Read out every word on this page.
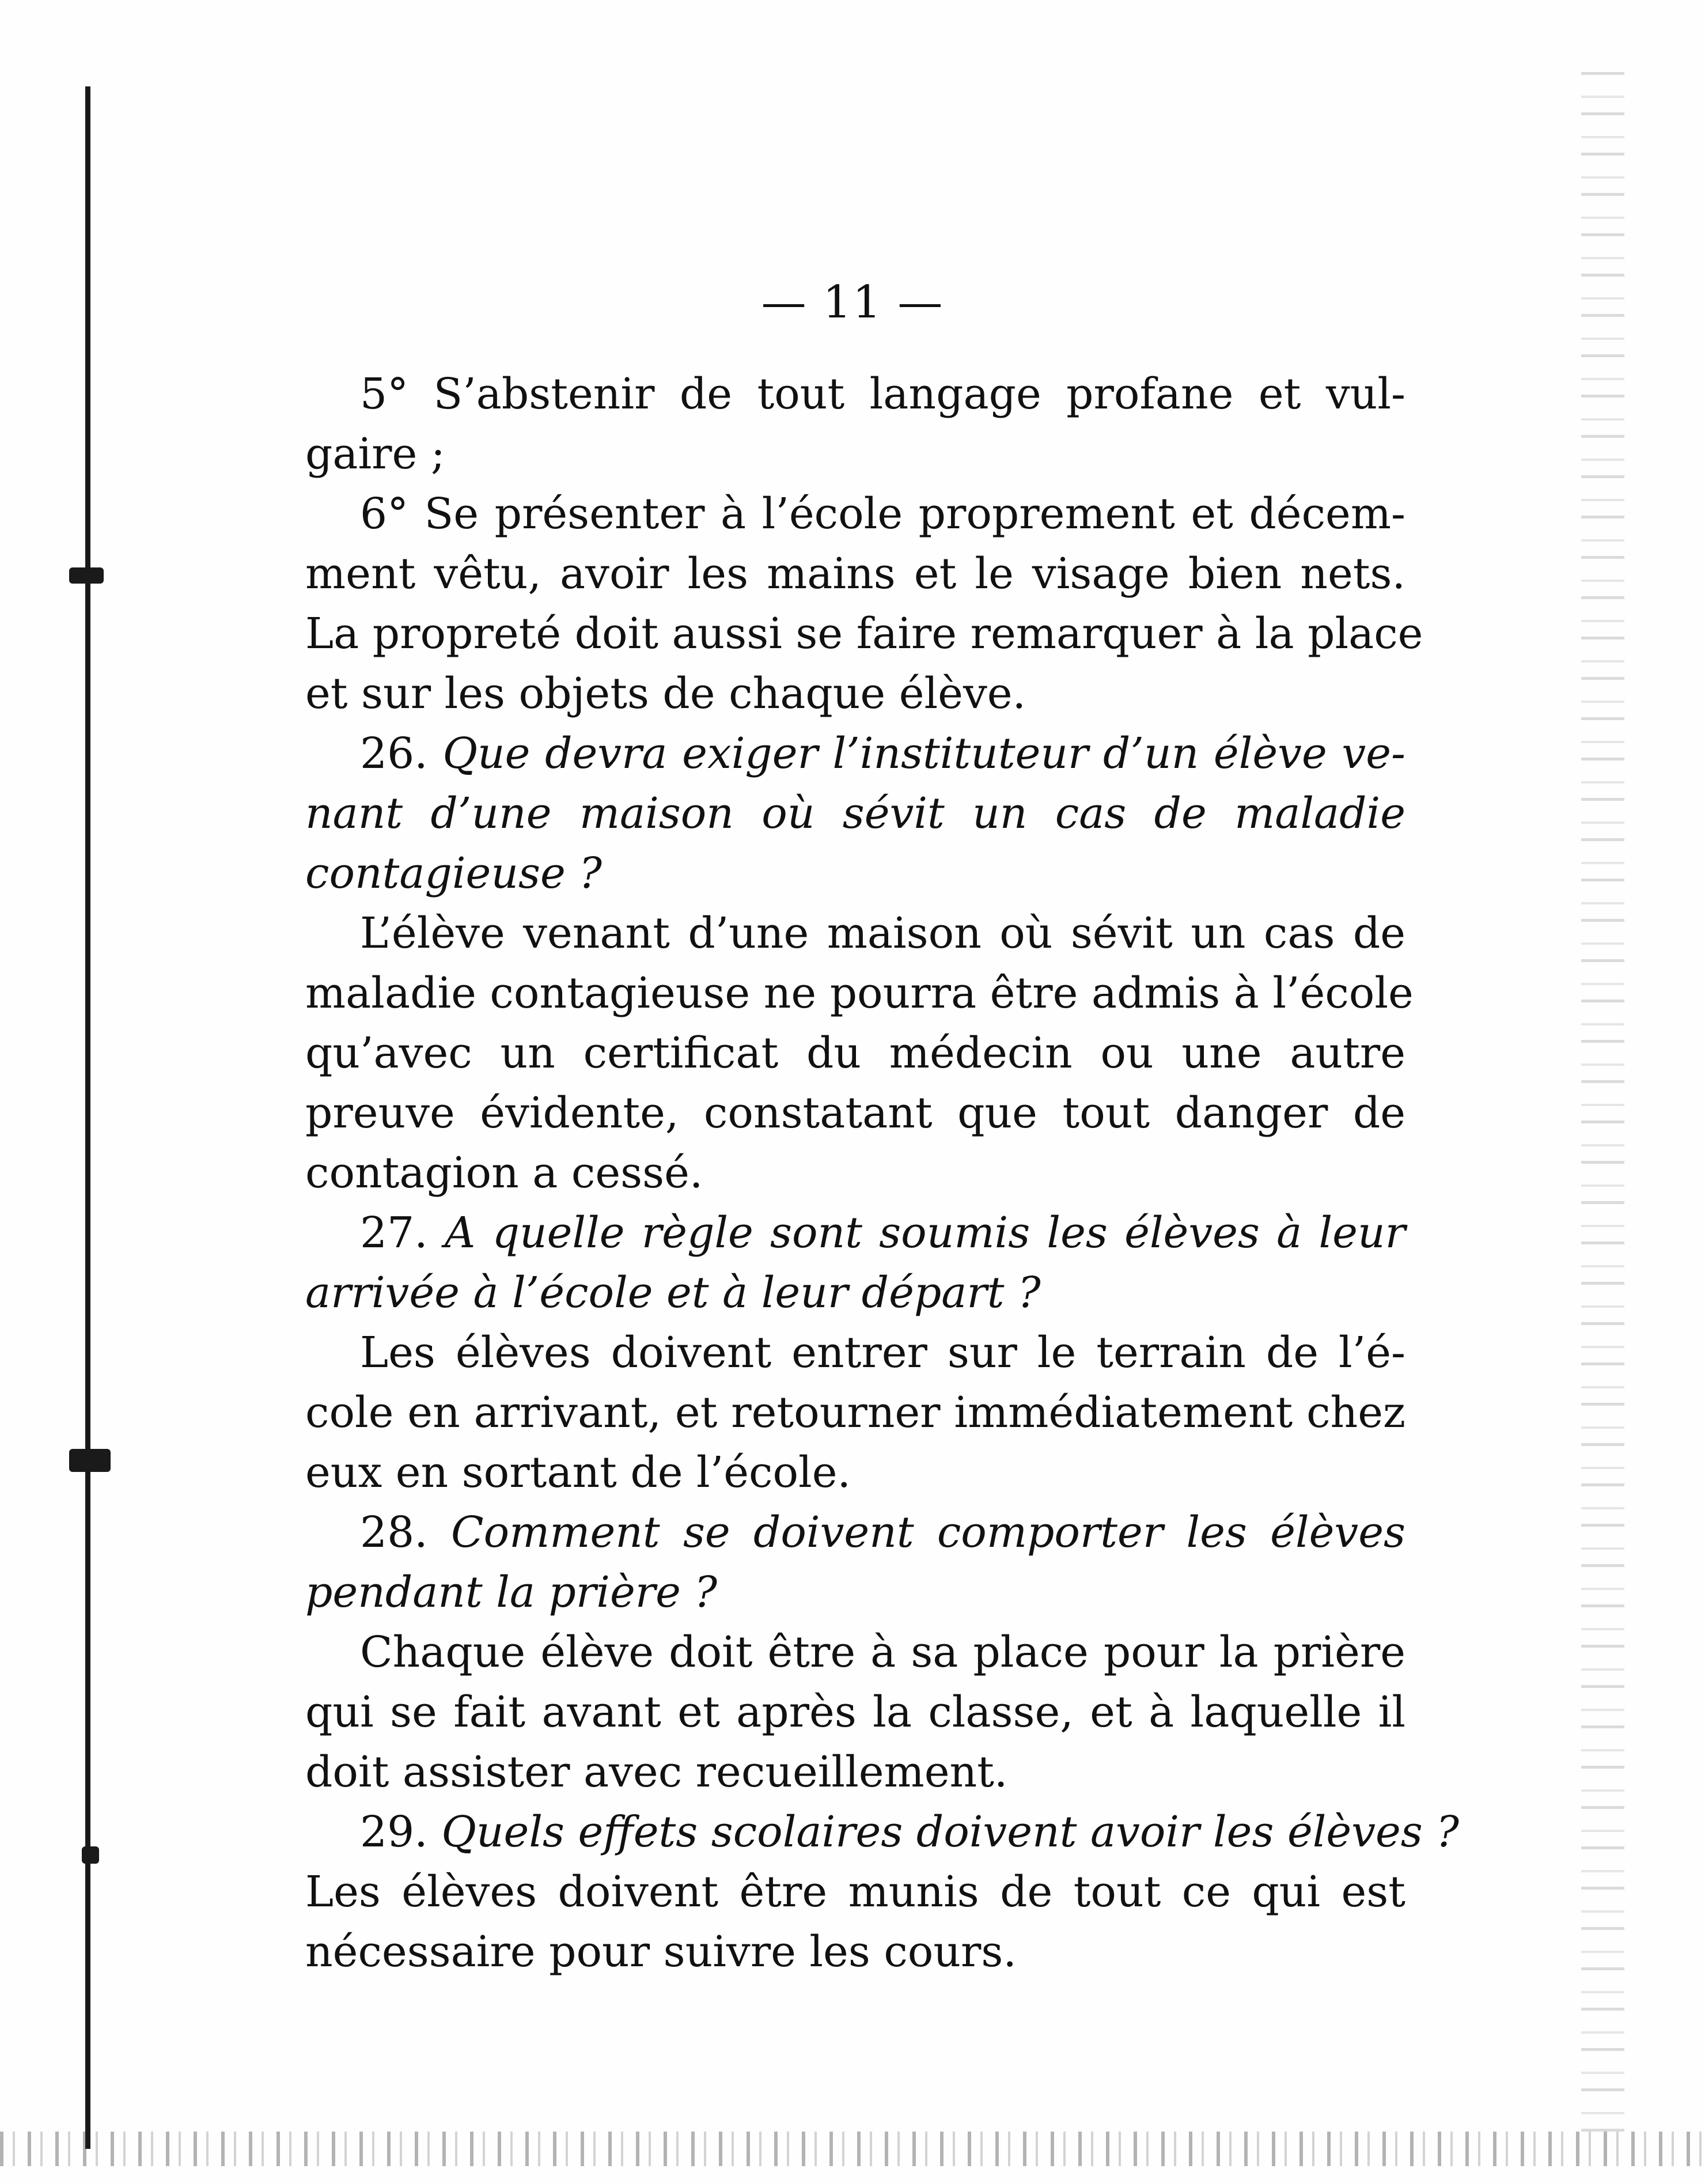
— 11 —
5° S’abstenir de tout langage profane et vul-
gaire ;
6° Se présenter à l’école proprement et décem-
ment vêtu, avoir les mains et le visage bien nets.
La propreté doit aussi se faire remarquer à la place
et sur les objets de chaque élève.
26. Que devra exiger l’instituteur d’un élève ve-
nant d’une maison où sévit un cas de maladie
contagieuse ?
L’élève venant d’une maison où sévit un cas de
maladie contagieuse ne pourra être admis à l’école
qu’avec un certificat du médecin ou une autre
preuve évidente, constatant que tout danger de
contagion a cessé.
27. A quelle règle sont soumis les élèves à leur
arrivée à l’école et à leur départ ?
Les élèves doivent entrer sur le terrain de l’é-
cole en arrivant, et retourner immédiatement chez
eux en sortant de l’école.
28. Comment se doivent comporter les élèves
pendant la prière ?
Chaque élève doit être à sa place pour la prière
qui se fait avant et après la classe, et à laquelle il
doit assister avec recueillement.
29. Quels effets scolaires doivent avoir les élèves ?
Les élèves doivent être munis de tout ce qui est
nécessaire pour suivre les cours.
